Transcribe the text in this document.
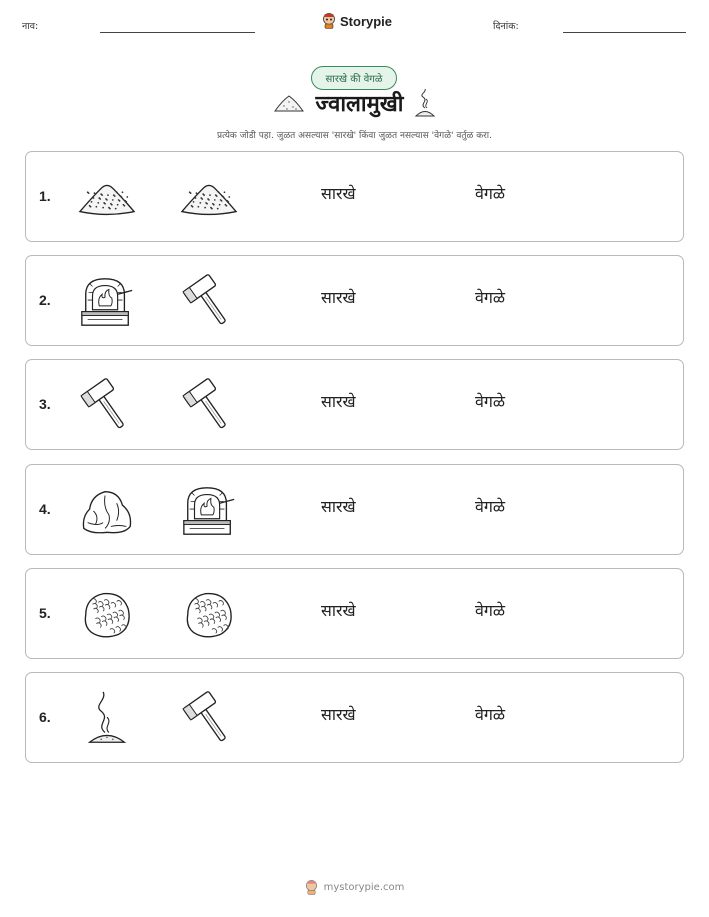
नाव:	Storypie	दिनांक:
सारखे की वेगळे
ज्वालामुखी
प्रत्येक जोडी पहा. जुळत असल्यास 'सारखे' किंवा जुळत नसल्यास 'वेगळे' वर्तुळ करा.
1.	सारखे	वेगळे
2.	सारखे	वेगळे
3.	सारखे	वेगळे
4.	सारखे	वेगळे
5.	सारखे	वेगळे
6.	सारखे	वेगळे
mystorypie.com
